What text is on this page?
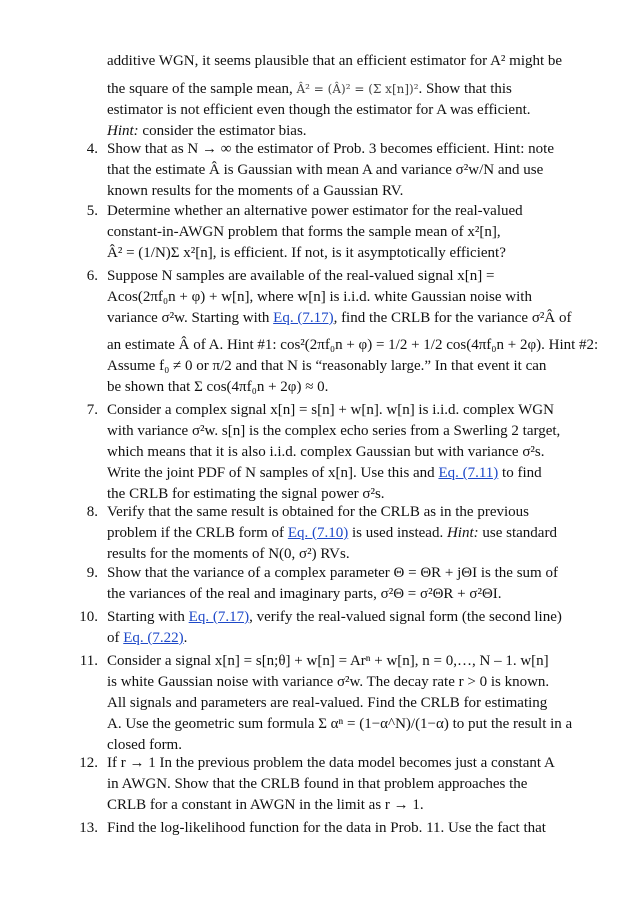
additive WGN, it seems plausible that an efficient estimator for A² might be
the square of the sample mean, Â² = (Â)² = (Σ x[n])². Show that this
estimator is not efficient even though the estimator for A was efficient.
Hint: consider the estimator bias.
4. Show that as N → ∞ the estimator of Prob. 3 becomes efficient. Hint: note
that the estimate Â is Gaussian with mean A and variance σ²w/N and use
known results for the moments of a Gaussian RV.
5. Determine whether an alternative power estimator for the real-valued
constant-in-AWGN problem that forms the sample mean of x²[n],
Â² = (1/N)Σ x²[n], is efficient. If not, is it asymptotically efficient?
6. Suppose N samples are available of the real-valued signal x[n] =
Acos(2πf₀n + φ) + w[n], where w[n] is i.i.d. white Gaussian noise with
variance σ²w. Starting with Eq. (7.17), find the CRLB for the variance σ²Â of
an estimate Â of A. Hint #1: cos²(2πf₀n + φ) = 1/2 + 1/2 cos(4πf₀n + 2φ). Hint #2:
Assume f₀ ≠ 0 or π/2 and that N is “reasonably large.” In that event it can
be shown that Σ cos(4πf₀n + 2φ) ≈ 0.
7. Consider a complex signal x[n] = s[n] + w[n]. w[n] is i.i.d. complex WGN
with variance σ²w. s[n] is the complex echo series from a Swerling 2 target,
which means that it is also i.i.d. complex Gaussian but with variance σ²s.
Write the joint PDF of N samples of x[n]. Use this and Eq. (7.11) to find
the CRLB for estimating the signal power σ²s.
8. Verify that the same result is obtained for the CRLB as in the previous
problem if the CRLB form of Eq. (7.10) is used instead. Hint: use standard
results for the moments of N(0, σ²) RVs.
9. Show that the variance of a complex parameter Θ = ΘR + jΘI is the sum of
the variances of the real and imaginary parts, σ²Θ = σ²ΘR + σ²ΘI.
10. Starting with Eq. (7.17), verify the real-valued signal form (the second line)
of Eq. (7.22).
11. Consider a signal x[n] = s[n;θ] + w[n] = Arⁿ + w[n], n = 0,…, N – 1. w[n]
is white Gaussian noise with variance σ²w. The decay rate r > 0 is known.
All signals and parameters are real-valued. Find the CRLB for estimating
A. Use the geometric sum formula Σ αⁿ = (1−α^N)/(1−α) to put the result in a
closed form.
12. If r → 1 In the previous problem the data model becomes just a constant A
in AWGN. Show that the CRLB found in that problem approaches the
CRLB for a constant in AWGN in the limit as r → 1.
13. Find the log-likelihood function for the data in Prob. 11. Use the fact that
